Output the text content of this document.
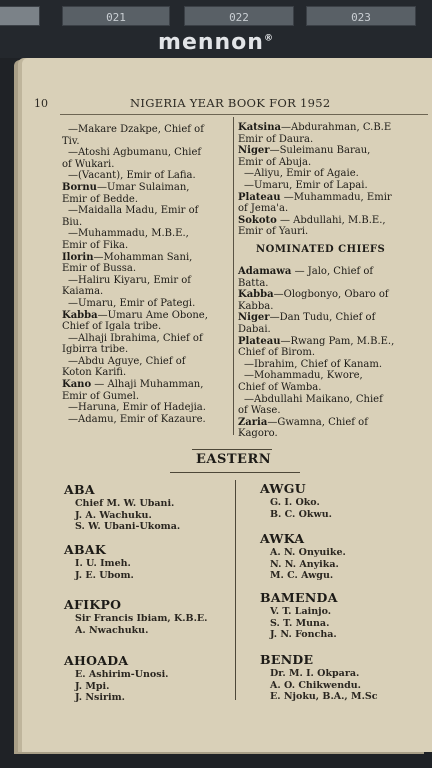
021	022	023
mennon®
10	NIGERIA YEAR BOOK FOR 1952

—Makare Dzakpe, Chief of

Tiv.

—Atoshi Agbumanu, Chief

of Wukari.

—(Vacant), Emir of Lafia.

Bornu—Umar Sulaiman,

Emir of Bedde.

—Maidalla Madu, Emir of

Biu.

—Muhammadu, M.B.E.,

Emir of Fika.

Ilorin—Mohamman Sani,

Emir of Bussa.

—Haliru Kiyaru, Emir of

Kaiama.

—Umaru, Emir of Pategi.

Kabba—Umaru Ame Obone,

Chief of Igala tribe.

—Alhaji Ibrahima, Chief of

Igbirra tribe.

—Abdu Aguye, Chief of

Koton Karifi.

Kano — Alhaji Muhamman,

Emir of Gumel.

—Haruna, Emir of Hadejia.

—Adamu, Emir of Kazaure.

Katsina—Abdurahman, C.B.E

Emir of Daura.

Niger—Suleimanu Barau,

Emir of Abuja.

—Aliyu, Emir of Agaie.

—Umaru, Emir of Lapai.

Plateau —Muhammadu, Emir

of Jema'a.

Sokoto — Abdullahi, M.B.E.,

Emir of Yauri.

NOMINATED CHIEFS

Adamawa — Jalo, Chief of

Batta.

Kabba—Ologbonyo, Obaro of

Kabba.

Niger—Dan Tudu, Chief of

Dabai.

Plateau—Rwang Pam, M.B.E.,

Chief of Birom.

—Ibrahim, Chief of Kanam.

—Mohammadu, Kwore,

Chief of Wamba.

—Abdullahi Maikano, Chief

of Wase.

Zaria—Gwamna, Chief of

Kagoro.

EASTERN
ABA

Chief M. W. Ubani.

J. A. Wachuku.

S. W. Ubani-Ukoma.

ABAK

I. U. Imeh.

J. E. Ubom.

AFIKPO

Sir Francis Ibiam, K.B.E.

A. Nwachuku.

AHOADA

E. Ashirim-Unosi.

J. Mpi.

J. Nsirim.

AWGU

G. I. Oko.

B. C. Okwu.

AWKA

A. N. Onyuike.

N. N. Anyika.

M. C. Awgu.

BAMENDA

V. T. Lainjo.

S. T. Muna.

J. N. Foncha.

BENDE

Dr. M. I. Okpara.

A. O. Chikwendu.

E. Njoku, B.A., M.Sc
